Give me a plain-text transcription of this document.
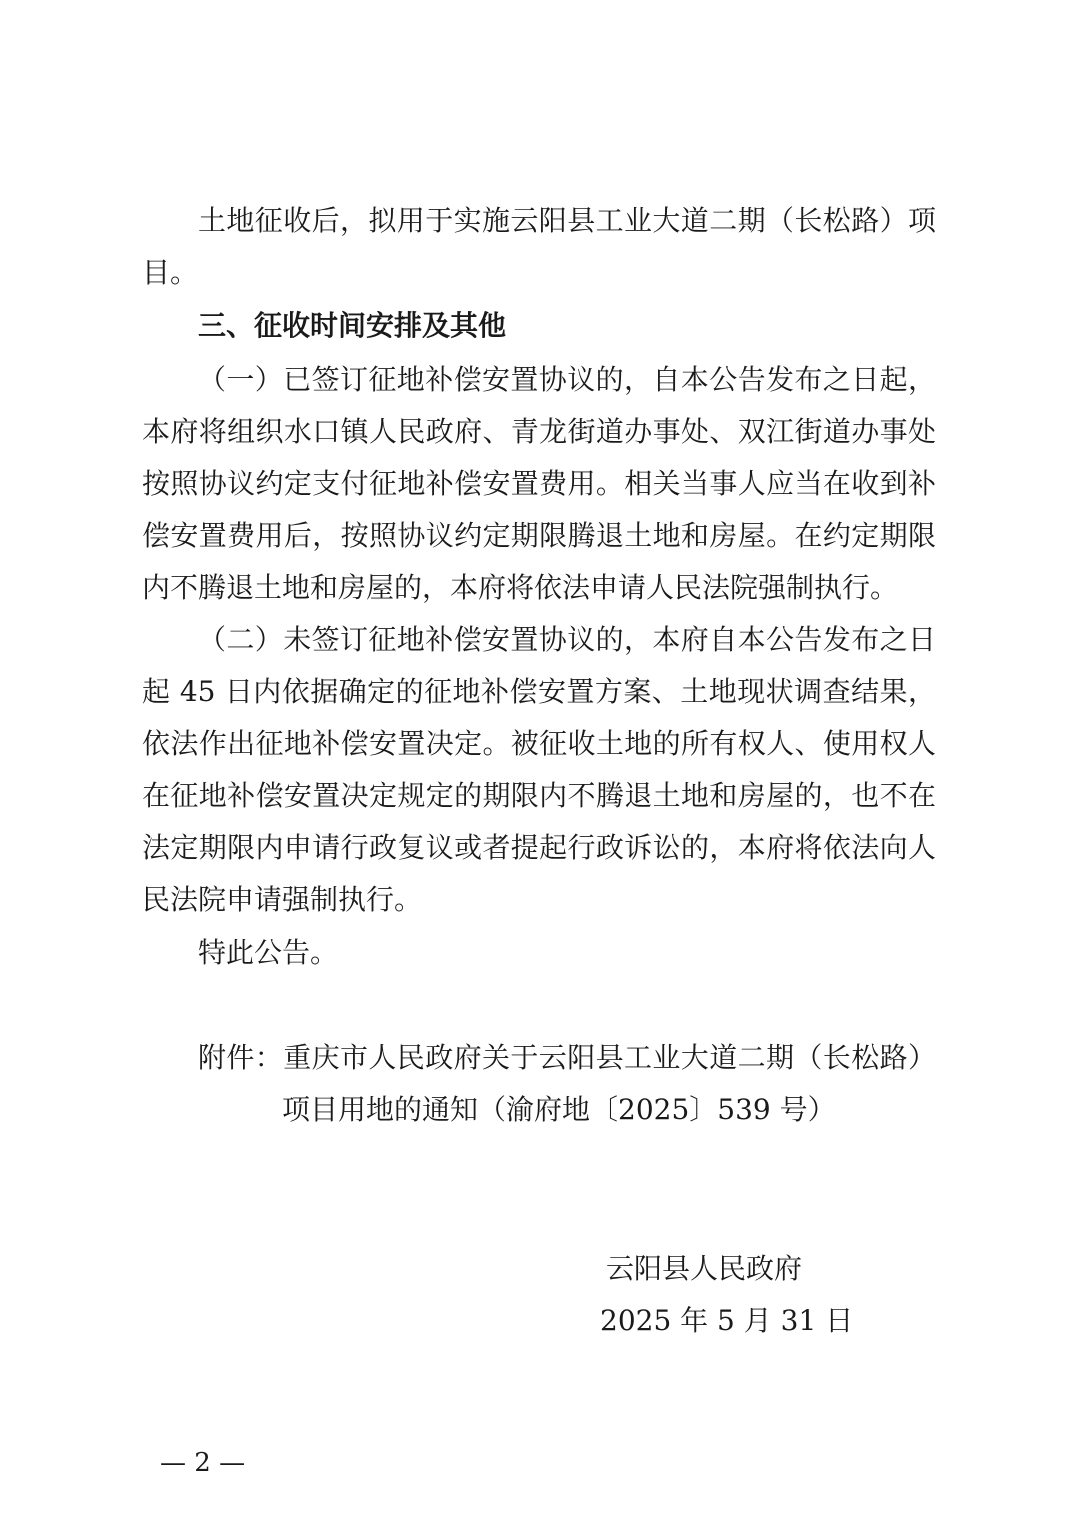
土地征收后，拟用于实施云阳县工业大道二期（长松路）项
目。
三、征收时间安排及其他
（一）已签订征地补偿安置协议的，自本公告发布之日起，
本府将组织水口镇人民政府、青龙街道办事处、双江街道办事处
按照协议约定支付征地补偿安置费用。相关当事人应当在收到补
偿安置费用后，按照协议约定期限腾退土地和房屋。在约定期限
内不腾退土地和房屋的，本府将依法申请人民法院强制执行。
（二）未签订征地补偿安置协议的，本府自本公告发布之日
起 45 日内依据确定的征地补偿安置方案、土地现状调查结果，
依法作出征地补偿安置决定。被征收土地的所有权人、使用权人
在征地补偿安置决定规定的期限内不腾退土地和房屋的，也不在
法定期限内申请行政复议或者提起行政诉讼的，本府将依法向人
民法院申请强制执行。
特此公告。
附件：重庆市人民政府关于云阳县工业大道二期（长松路）
项目用地的通知（渝府地〔2025〕539 号）
云阳县人民政府
2025 年 5 月 31 日
— 2 —
